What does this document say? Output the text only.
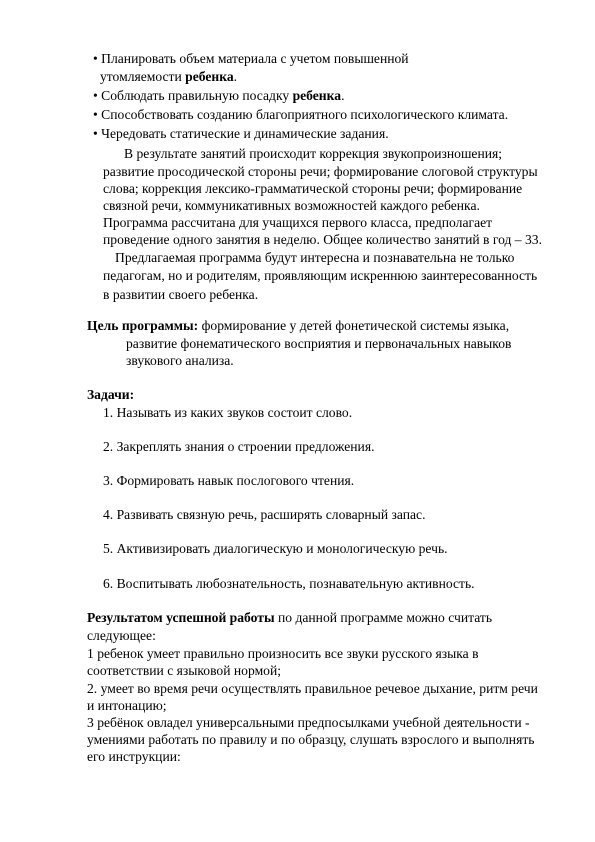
• Планировать объем материала с учетом повышенной
утомляемости ребенка.
• Соблюдать правильную посадку ребенка.
• Способствовать созданию благоприятного психологического климата.
• Чередовать статические и динамические задания.
В результате занятий происходит коррекция звукопроизношения;
развитие просодической стороны речи; формирование слоговой структуры
слова; коррекция лексико-грамматической стороны речи; формирование
связной речи, коммуникативных возможностей каждого ребенка.
Программа рассчитана для учащихся первого класса, предполагает
проведение одного занятия в неделю. Общее количество занятий в год – 33.
Предлагаемая программа будут интересна и познавательна не только
педагогам, но и родителям, проявляющим искреннюю заинтересованность
в развитии своего ребенка.
Цель программы: формирование у детей фонетической системы языка,
развитие фонематического восприятия и первоначальных навыков
звукового анализа.
Задачи:
1. Называть из каких звуков состоит слово.
2. Закреплять знания о строении предложения.
3. Формировать навык послогового чтения.
4. Развивать связную речь, расширять словарный запас.
5. Активизировать диалогическую и монологическую речь.
6. Воспитывать любознательность, познавательную активность.
Результатом успешной работы по данной программе можно считать
следующее:
1 ребенок умеет правильно произносить все звуки русского языка в
соответствии с языковой нормой;
2. умеет во время речи осуществлять правильное речевое дыхание, ритм речи
и интонацию;
3 ребёнок овладел универсальными предпосылками учебной деятельности -
умениями работать по правилу и по образцу, слушать взрослого и выполнять
его инструкции:
